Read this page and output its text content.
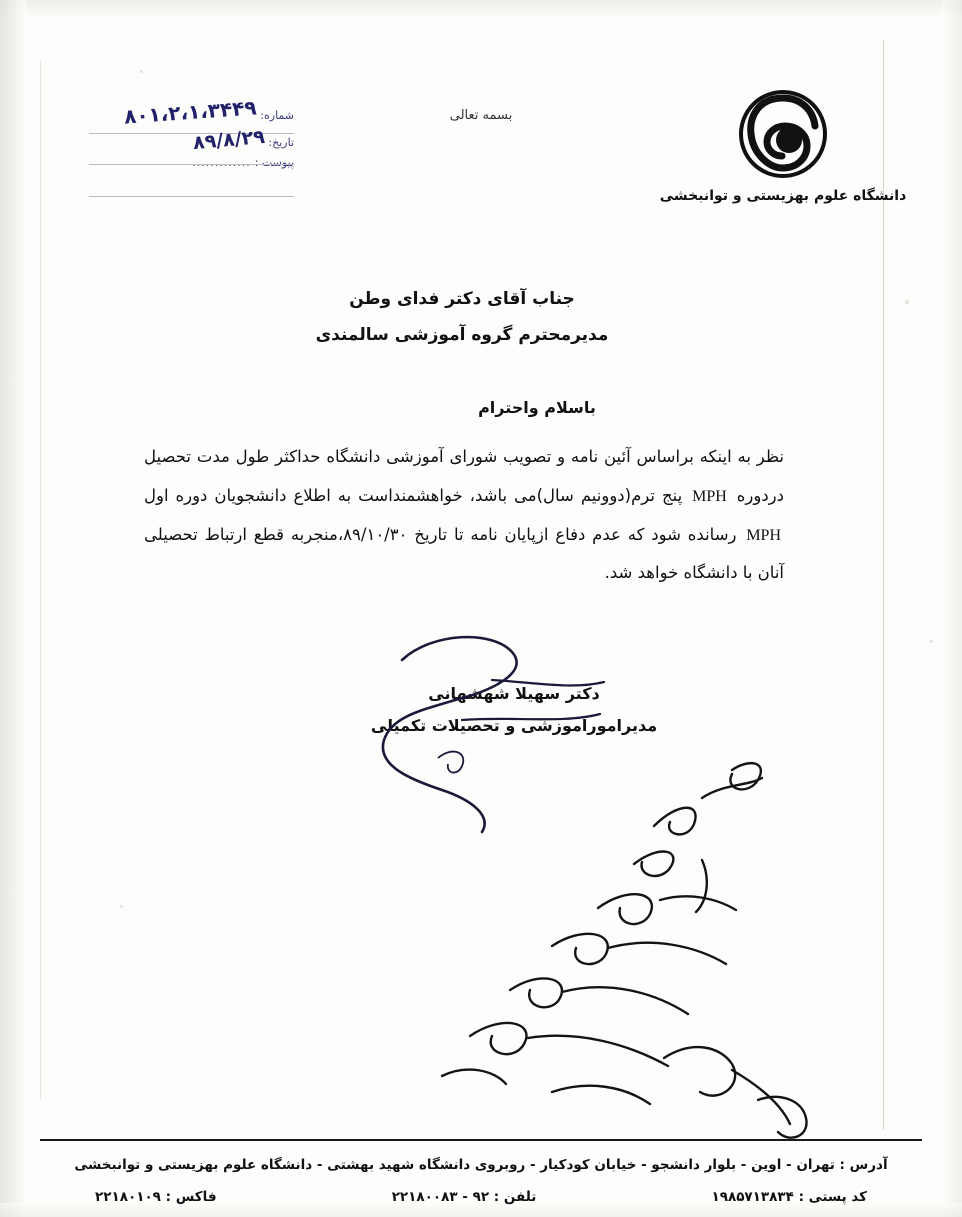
شماره:
۸۰۱،۲،۱،۳۴۴۹
تاریخ:
۸۹/۸/۲۹
پیوست :
.............
بسمه تعالی
دانشگاه علوم بهزیستی و توانبخشی
جناب آقای دکتر فدای وطن
مدیرمحترم گروه آموزشی سالمندی
باسلام واحترام
نظر به اینکه براساس آئین نامه و تصویب شورای آموزشی دانشگاه حداکثر طول مدت تحصیل دردوره MPH پنج ترم(دوونیم سال)می باشد، خواهشمنداست به اطلاع دانشجویان دوره اول MPH رسانده شود که عدم دفاع ازپایان نامه تا تاریخ ۸۹/۱۰/۳۰،منجربه قطع ارتباط تحصیلی آنان با دانشگاه خواهد شد.
دکتر سهیلا شهشهانی
مدیرامورآموزشی و تحصیلات تکمیلی
آدرس : تهران - اوین - بلوار دانشجو - خیابان کودکیار - روبروی دانشگاه شهید بهشتی - دانشگاه علوم بهزیستی و توانبخشی
کد پستی : ۱۹۸۵۷۱۳۸۳۴
تلفن : ۹۲ - ۲۲۱۸۰۰۸۳
فاکس : ۲۲۱۸۰۱۰۹
